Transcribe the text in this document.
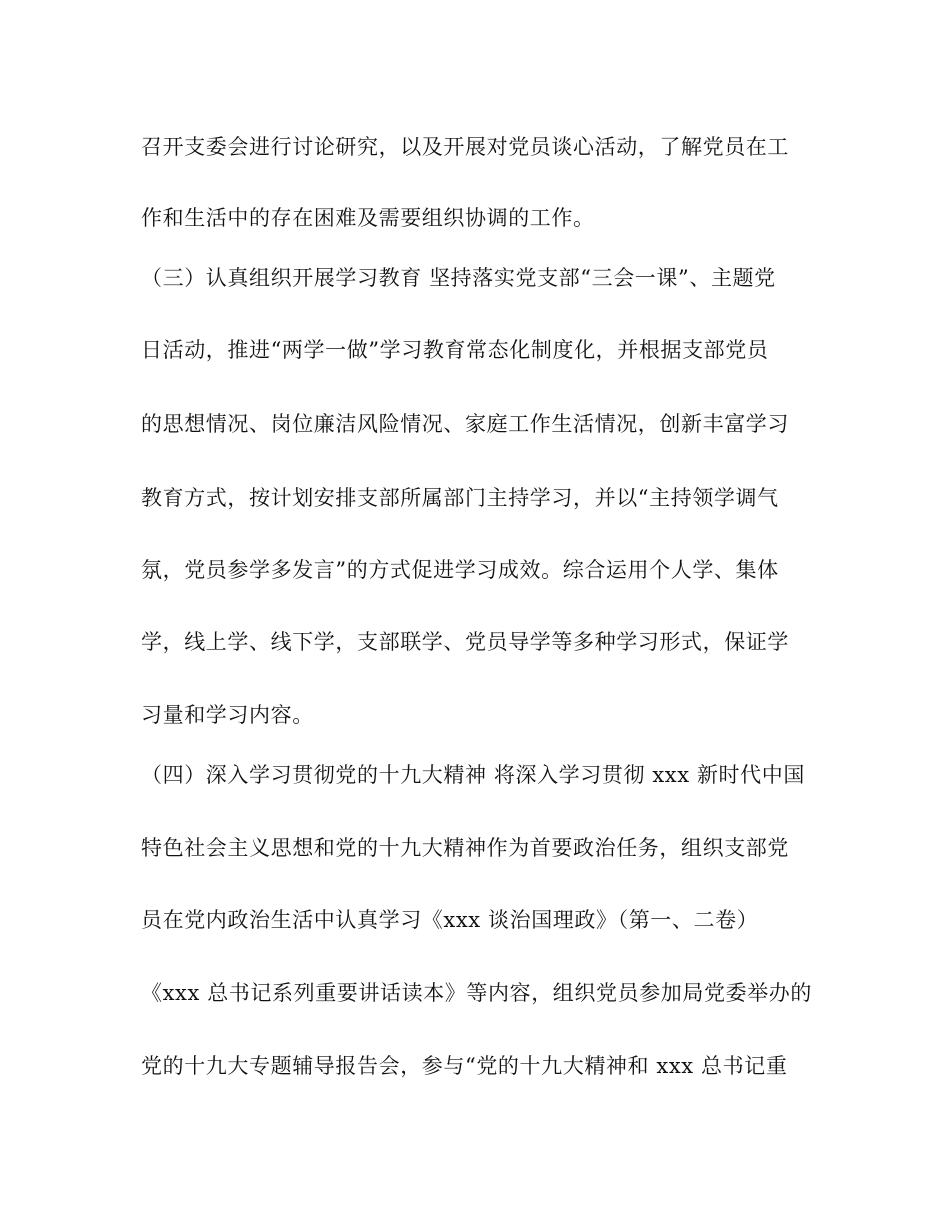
召开支委会进行讨论研究，以及开展对党员谈心活动，了解党员在工
作和生活中的存在困难及需要组织协调的工作。
（三）认真组织开展学习教育 坚持落实党支部“三会一课”、主题党
日活动，推进“两学一做”学习教育常态化制度化，并根据支部党员
的思想情况、岗位廉洁风险情况、家庭工作生活情况，创新丰富学习
教育方式，按计划安排支部所属部门主持学习，并以“主持领学调气
氛，党员参学多发言”的方式促进学习成效。综合运用个人学、集体
学，线上学、线下学，支部联学、党员导学等多种学习形式，保证学
习量和学习内容。
（四）深入学习贯彻党的十九大精神 将深入学习贯彻 xxx 新时代中国
特色社会主义思想和党的十九大精神作为首要政治任务，组织支部党
员在党内政治生活中认真学习《xxx 谈治国理政》（第一、二卷）
《xxx 总书记系列重要讲话读本》等内容，组织党员参加局党委举办的
党的十九大专题辅导报告会，参与“党的十九大精神和 xxx 总书记重
